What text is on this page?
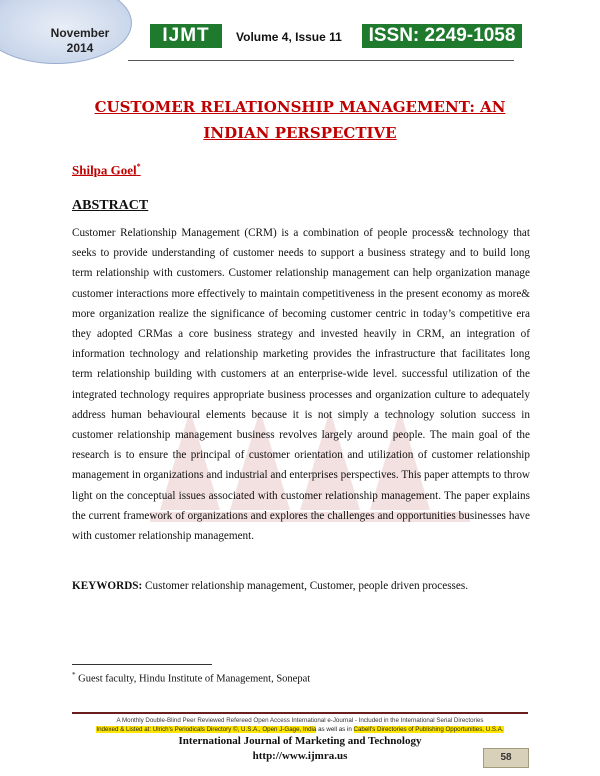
November
2014
IJMT	Volume 4, Issue 11	ISSN: 2249-1058
CUSTOMER RELATIONSHIP MANAGEMENT: AN INDIAN PERSPECTIVE
Shilpa Goel*
ABSTRACT

Customer Relationship Management (CRM) is a combination of people process& technology that seeks to provide understanding of customer needs to support a business strategy and to build long term relationship with customers. Customer relationship management can help organization manage customer interactions more effectively to maintain competitiveness in the present economy as more& more organization realize the significance of becoming customer centric in today’s competitive era they adopted CRMas a core business strategy and invested heavily in CRM, an integration of information technology and relationship marketing provides the infrastructure that facilitates long term relationship building with customers at an enterprise-wide level. successful utilization of the integrated technology requires appropriate business processes and organization culture to adequately address human behavioural elements because it is not simply a technology solution success in customer relationship management business revolves largely around people. The main goal of the research is to ensure the principal of customer orientation and utilization of customer relationship management in organizations and industrial and enterprises perspectives. This paper attempts to throw light on the conceptual issues associated with customer relationship management. The paper explains the current framework of organizations and explores the challenges and opportunities businesses have with customer relationship management.

KEYWORDS: Customer relationship management, Customer, people driven processes.
* Guest faculty, Hindu Institute of Management, Sonepat
A Monthly Double-Blind Peer Reviewed Refereed Open Access International e-Journal - Included in the International Serial Directories
Indexed & Listed at: Ulrich's Periodicals Directory ©, U.S.A., Open J-Gage, India as well as in Cabell's Directories of Publishing Opportunities, U.S.A.
International Journal of Marketing and Technology
http://www.ijmra.us	58
